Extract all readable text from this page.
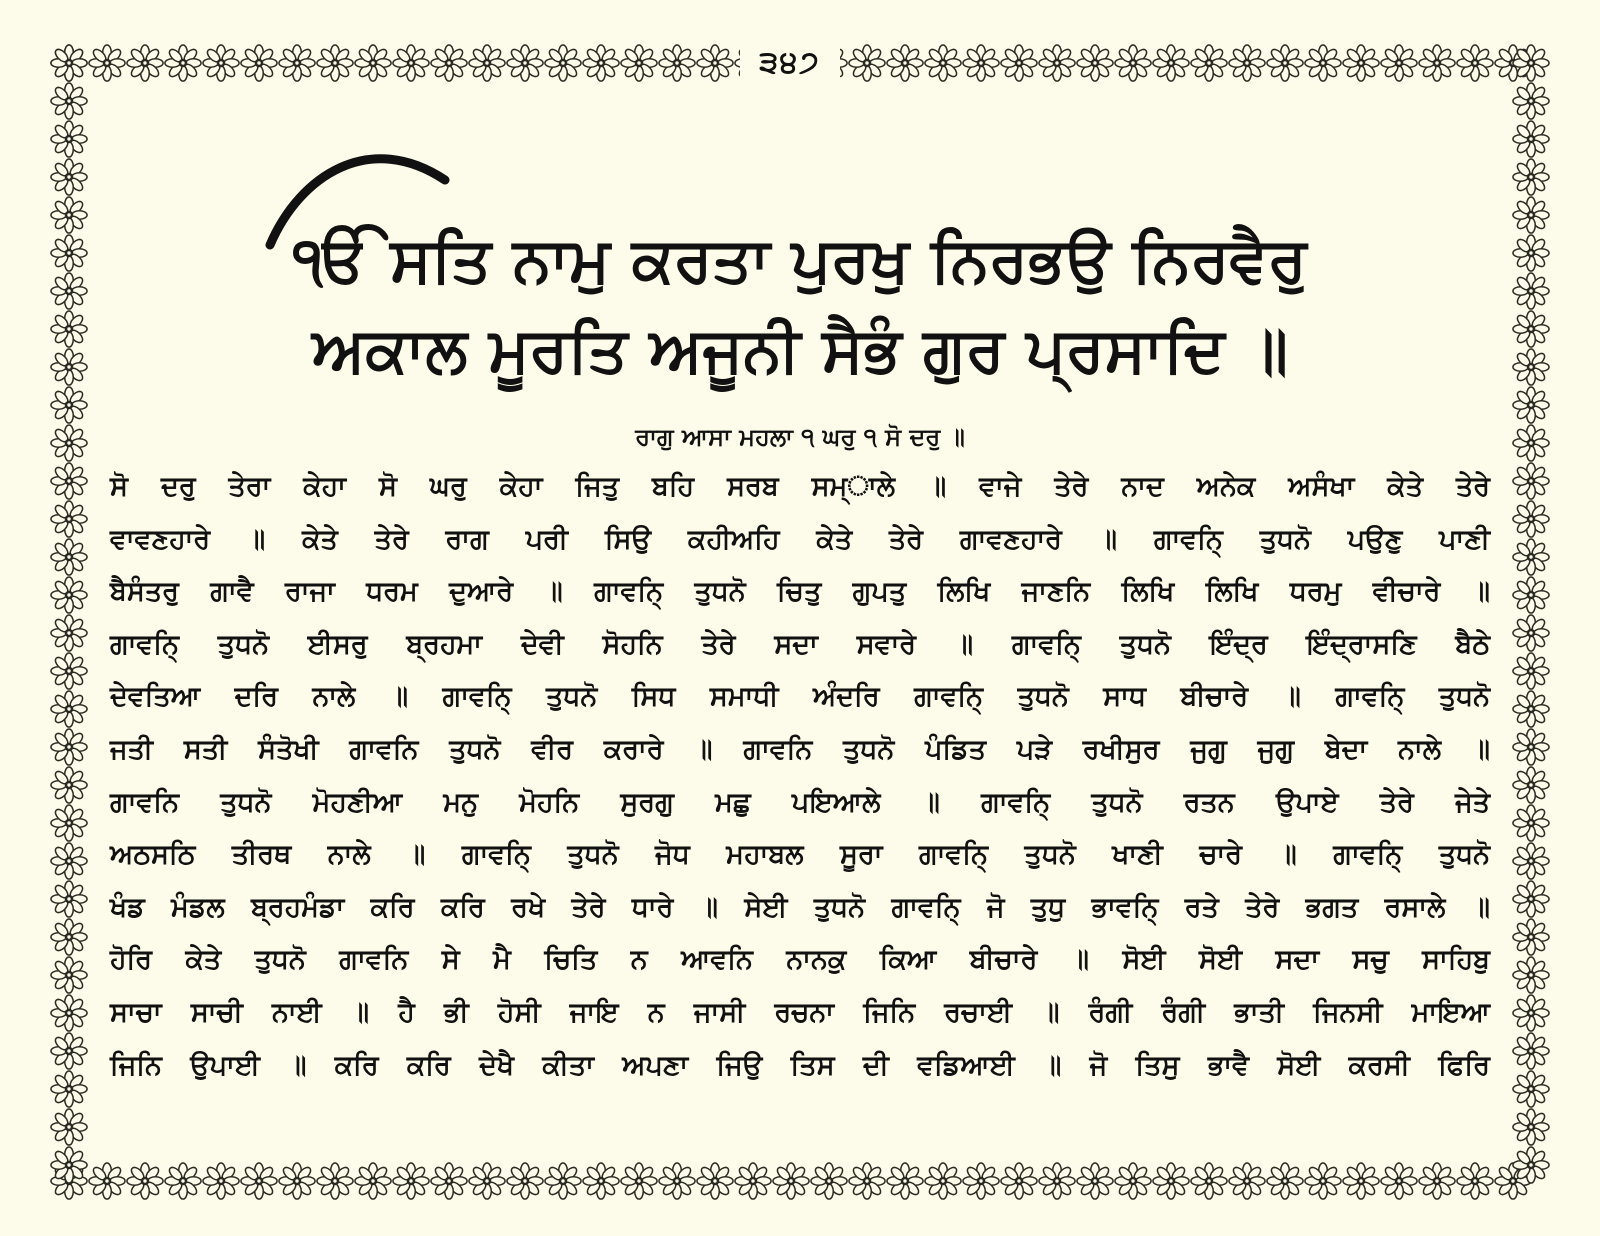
੩੪੭
ੴ ਸਤਿ ਨਾਮੁ ਕਰਤਾ ਪੁਰਖੁ ਨਿਰਭਉ ਨਿਰਵੈਰੁ
ਅਕਾਲ ਮੂਰਤਿ ਅਜੂਨੀ ਸੈਭੰ ਗੁਰ ਪ੍ਰਸਾਦਿ ॥
ਰਾਗੁ ਆਸਾ ਮਹਲਾ ੧ ਘਰੁ ੧ ਸੋ ਦਰੁ ॥
ਸੋ ਦਰੁ ਤੇਰਾ ਕੇਹਾ ਸੋ ਘਰੁ ਕੇਹਾ ਜਿਤੁ ਬਹਿ ਸਰਬ ਸਮ੍ਾਲੇ ॥ ਵਾਜੇ ਤੇਰੇ ਨਾਦ ਅਨੇਕ ਅਸੰਖਾ ਕੇਤੇ ਤੇਰੇ
ਵਾਵਣਹਾਰੇ ॥ ਕੇਤੇ ਤੇਰੇ ਰਾਗ ਪਰੀ ਸਿਉ ਕਹੀਅਹਿ ਕੇਤੇ ਤੇਰੇ ਗਾਵਣਹਾਰੇ ॥ ਗਾਵਨਿ੍ ਤੁਧਨੋ ਪਉਣੁ ਪਾਣੀ
ਬੈਸੰਤਰੁ ਗਾਵੈ ਰਾਜਾ ਧਰਮ ਦੁਆਰੇ ॥ ਗਾਵਨਿ੍ ਤੁਧਨੋ ਚਿਤੁ ਗੁਪਤੁ ਲਿਖਿ ਜਾਣਨਿ ਲਿਖਿ ਲਿਖਿ ਧਰਮੁ ਵੀਚਾਰੇ ॥
ਗਾਵਨਿ੍ ਤੁਧਨੋ ਈਸਰੁ ਬ੍ਰਹਮਾ ਦੇਵੀ ਸੋਹਨਿ ਤੇਰੇ ਸਦਾ ਸਵਾਰੇ ॥ ਗਾਵਨਿ੍ ਤੁਧਨੋ ਇੰਦ੍ਰ ਇੰਦ੍ਰਾਸਣਿ ਬੈਠੇ
ਦੇਵਤਿਆ ਦਰਿ ਨਾਲੇ ॥ ਗਾਵਨਿ੍ ਤੁਧਨੋ ਸਿਧ ਸਮਾਧੀ ਅੰਦਰਿ ਗਾਵਨਿ੍ ਤੁਧਨੋ ਸਾਧ ਬੀਚਾਰੇ ॥ ਗਾਵਨਿ੍ ਤੁਧਨੋ
ਜਤੀ ਸਤੀ ਸੰਤੋਖੀ ਗਾਵਨਿ ਤੁਧਨੋ ਵੀਰ ਕਰਾਰੇ ॥ ਗਾਵਨਿ ਤੁਧਨੋ ਪੰਡਿਤ ਪੜੇ ਰਖੀਸੁਰ ਜੁਗੁ ਜੁਗੁ ਬੇਦਾ ਨਾਲੇ ॥
ਗਾਵਨਿ ਤੁਧਨੋ ਮੋਹਣੀਆ ਮਨੁ ਮੋਹਨਿ ਸੁਰਗੁ ਮਛੁ ਪਇਆਲੇ ॥ ਗਾਵਨਿ੍ ਤੁਧਨੋ ਰਤਨ ਉਪਾਏ ਤੇਰੇ ਜੇਤੇ
ਅਠਸਠਿ ਤੀਰਥ ਨਾਲੇ ॥ ਗਾਵਨਿ੍ ਤੁਧਨੋ ਜੋਧ ਮਹਾਬਲ ਸੂਰਾ ਗਾਵਨਿ੍ ਤੁਧਨੋ ਖਾਣੀ ਚਾਰੇ ॥ ਗਾਵਨਿ੍ ਤੁਧਨੋ
ਖੰਡ ਮੰਡਲ ਬ੍ਰਹਮੰਡਾ ਕਰਿ ਕਰਿ ਰਖੇ ਤੇਰੇ ਧਾਰੇ ॥ ਸੇਈ ਤੁਧਨੋ ਗਾਵਨਿ੍ ਜੋ ਤੁਧੁ ਭਾਵਨਿ੍ ਰਤੇ ਤੇਰੇ ਭਗਤ ਰਸਾਲੇ ॥
ਹੋਰਿ ਕੇਤੇ ਤੁਧਨੋ ਗਾਵਨਿ ਸੇ ਮੈ ਚਿਤਿ ਨ ਆਵਨਿ ਨਾਨਕੁ ਕਿਆ ਬੀਚਾਰੇ ॥ ਸੋਈ ਸੋਈ ਸਦਾ ਸਚੁ ਸਾਹਿਬੁ
ਸਾਚਾ ਸਾਚੀ ਨਾਈ ॥ ਹੈ ਭੀ ਹੋਸੀ ਜਾਇ ਨ ਜਾਸੀ ਰਚਨਾ ਜਿਨਿ ਰਚਾਈ ॥ ਰੰਗੀ ਰੰਗੀ ਭਾਤੀ ਜਿਨਸੀ ਮਾਇਆ
ਜਿਨਿ ਉਪਾਈ ॥ ਕਰਿ ਕਰਿ ਦੇਖੈ ਕੀਤਾ ਅਪਣਾ ਜਿਉ ਤਿਸ ਦੀ ਵਡਿਆਈ ॥ ਜੋ ਤਿਸੁ ਭਾਵੈ ਸੋਈ ਕਰਸੀ ਫਿਰਿ
